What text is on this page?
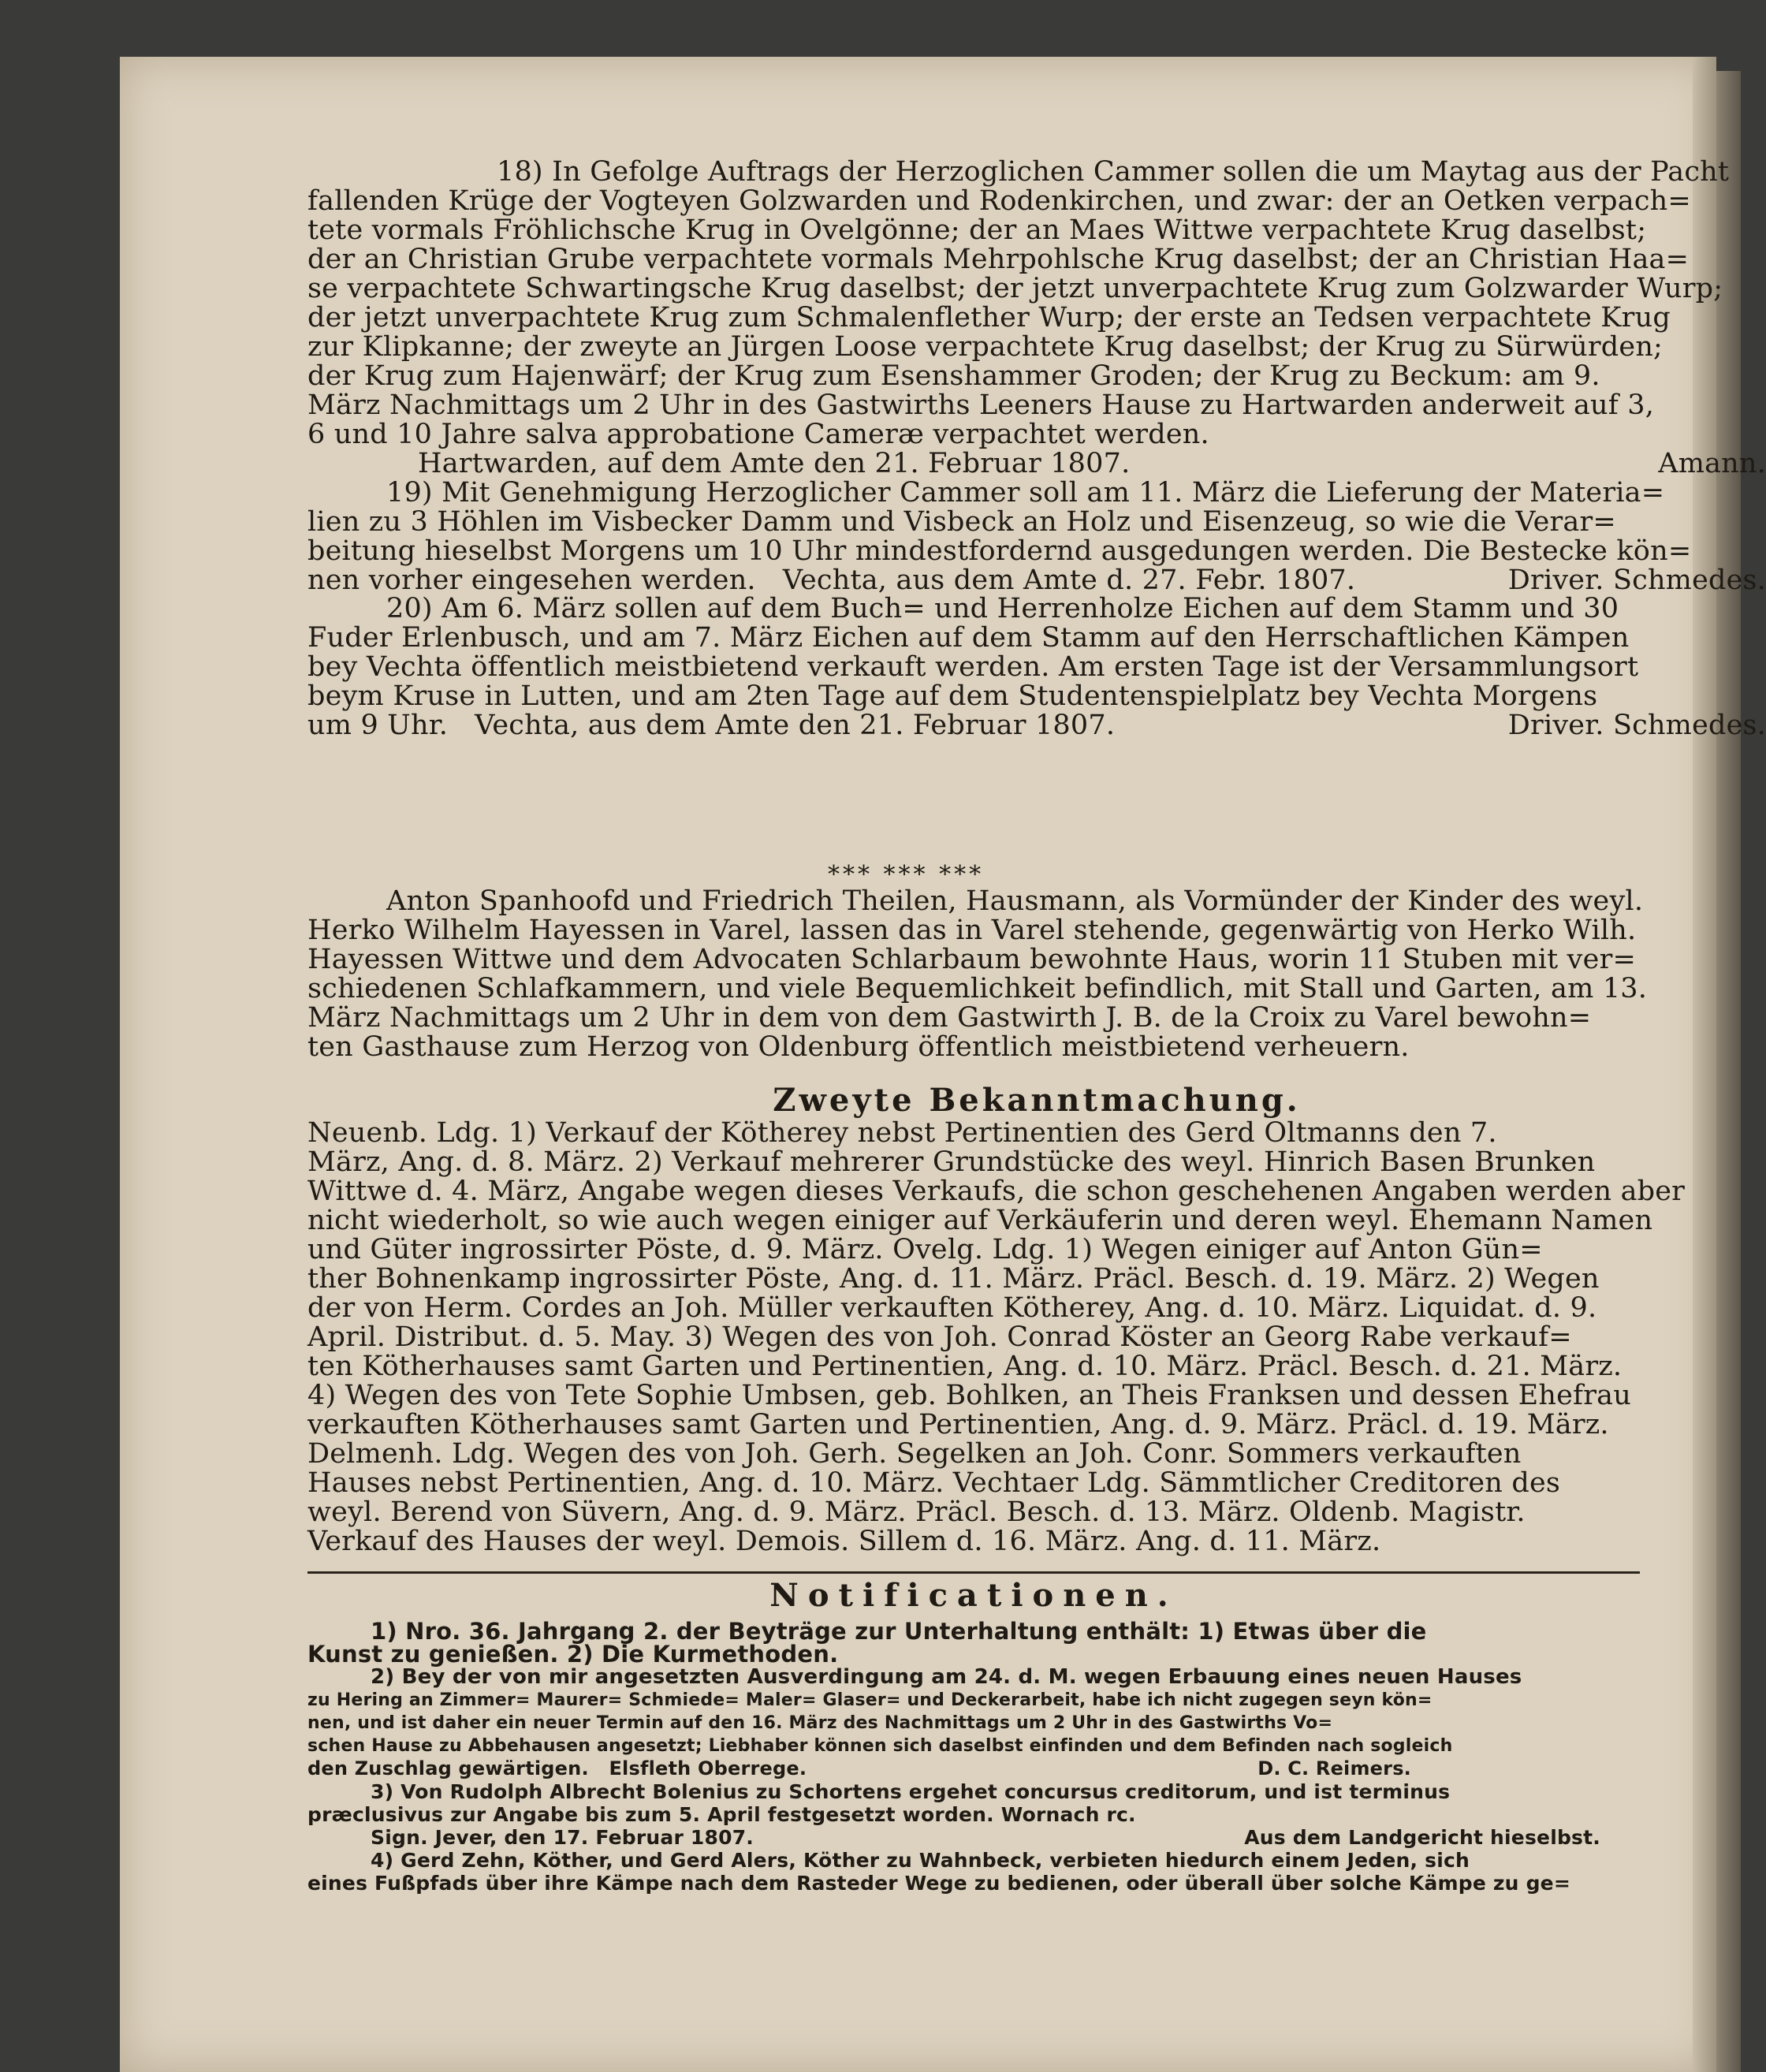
18) In Gefolge Auftrags der Herzoglichen Cammer sollen die um Maytag aus der Pacht
fallenden Krüge der Vogteyen Golzwarden und Rodenkirchen, und zwar: der an Oetken verpach=
tete vormals Fröhlichsche Krug in Ovelgönne; der an Maes Wittwe verpachtete Krug daselbst;
der an Christian Grube verpachtete vormals Mehrpohlsche Krug daselbst; der an Christian Haa=
se verpachtete Schwartingsche Krug daselbst; der jetzt unverpachtete Krug zum Golzwarder Wurp;
der jetzt unverpachtete Krug zum Schmalenflether Wurp; der erste an Tedsen verpachtete Krug
zur Klipkanne; der zweyte an Jürgen Loose verpachtete Krug daselbst; der Krug zu Sürwürden;
der Krug zum Hajenwärf; der Krug zum Esenshammer Groden; der Krug zu Beckum: am 9.
März Nachmittags um 2 Uhr in des Gastwirths Leeners Hause zu Hartwarden anderweit auf 3,
6 und 10 Jahre salva approbatione Cameræ verpachtet werden.
Hartwarden, auf dem Amte den 21. Februar 1807.	Amann.
19) Mit Genehmigung Herzoglicher Cammer soll am 11. März die Lieferung der Materia=
lien zu 3 Höhlen im Visbecker Damm und Visbeck an Holz und Eisenzeug, so wie die Verar=
beitung hieselbst Morgens um 10 Uhr mindestfordernd ausgedungen werden. Die Bestecke kön=
nen vorher eingesehen werden. Vechta, aus dem Amte d. 27. Febr. 1807.	Driver. Schmedes.
20) Am 6. März sollen auf dem Buch= und Herrenholze Eichen auf dem Stamm und 30
Fuder Erlenbusch, und am 7. März Eichen auf dem Stamm auf den Herrschaftlichen Kämpen
bey Vechta öffentlich meistbietend verkauft werden. Am ersten Tage ist der Versammlungsort
beym Kruse in Lutten, und am 2ten Tage auf dem Studentenspielplatz bey Vechta Morgens
um 9 Uhr. Vechta, aus dem Amte den 21. Februar 1807.	Driver. Schmedes.
*** *** ***
Anton Spanhoofd und Friedrich Theilen, Hausmann, als Vormünder der Kinder des weyl.
Herko Wilhelm Hayessen in Varel, lassen das in Varel stehende, gegenwärtig von Herko Wilh.
Hayessen Wittwe und dem Advocaten Schlarbaum bewohnte Haus, worin 11 Stuben mit ver=
schiedenen Schlafkammern, und viele Bequemlichkeit befindlich, mit Stall und Garten, am 13.
März Nachmittags um 2 Uhr in dem von dem Gastwirth J. B. de la Croix zu Varel bewohn=
ten Gasthause zum Herzog von Oldenburg öffentlich meistbietend verheuern.
Zweyte Bekanntmachung.
Neuenb. Ldg. 1) Verkauf der Kötherey nebst Pertinentien des Gerd Oltmanns den 7.
März, Ang. d. 8. März. 2) Verkauf mehrerer Grundstücke des weyl. Hinrich Basen Brunken
Wittwe d. 4. März, Angabe wegen dieses Verkaufs, die schon geschehenen Angaben werden aber
nicht wiederholt, so wie auch wegen einiger auf Verkäuferin und deren weyl. Ehemann Namen
und Güter ingrossirter Pöste, d. 9. März. Ovelg. Ldg. 1) Wegen einiger auf Anton Gün=
ther Bohnenkamp ingrossirter Pöste, Ang. d. 11. März. Präcl. Besch. d. 19. März. 2) Wegen
der von Herm. Cordes an Joh. Müller verkauften Kötherey, Ang. d. 10. März. Liquidat. d. 9.
April. Distribut. d. 5. May. 3) Wegen des von Joh. Conrad Köster an Georg Rabe verkauf=
ten Kötherhauses samt Garten und Pertinentien, Ang. d. 10. März. Präcl. Besch. d. 21. März.
4) Wegen des von Tete Sophie Umbsen, geb. Bohlken, an Theis Franksen und dessen Ehefrau
verkauften Kötherhauses samt Garten und Pertinentien, Ang. d. 9. März. Präcl. d. 19. März.
Delmenh. Ldg. Wegen des von Joh. Gerh. Segelken an Joh. Conr. Sommers verkauften
Hauses nebst Pertinentien, Ang. d. 10. März. Vechtaer Ldg. Sämmtlicher Creditoren des
weyl. Berend von Süvern, Ang. d. 9. März. Präcl. Besch. d. 13. März. Oldenb. Magistr.
Verkauf des Hauses der weyl. Demois. Sillem d. 16. März. Ang. d. 11. März.
Notificationen.
1) Nro. 36. Jahrgang 2. der Beyträge zur Unterhaltung enthält: 1) Etwas über die
Kunst zu genießen. 2) Die Kurmethoden.
2) Bey der von mir angesetzten Ausverdingung am 24. d. M. wegen Erbauung eines neuen Hauses
zu Hering an Zimmer= Maurer= Schmiede= Maler= Glaser= und Deckerarbeit, habe ich nicht zugegen seyn kön=
nen, und ist daher ein neuer Termin auf den 16. März des Nachmittags um 2 Uhr in des Gastwirths Vo=
schen Hause zu Abbehausen angesetzt; Liebhaber können sich daselbst einfinden und dem Befinden nach sogleich
den Zuschlag gewärtigen. Elsfleth Oberrege.	D. C. Reimers.
3) Von Rudolph Albrecht Bolenius zu Schortens ergehet concursus creditorum, und ist terminus
præclusivus zur Angabe bis zum 5. April festgesetzt worden. Wornach rc.
Sign. Jever, den 17. Februar 1807.	Aus dem Landgericht hieselbst.
4) Gerd Zehn, Köther, und Gerd Alers, Köther zu Wahnbeck, verbieten hiedurch einem Jeden, sich
eines Fußpfads über ihre Kämpe nach dem Rasteder Wege zu bedienen, oder überall über solche Kämpe zu ge=
